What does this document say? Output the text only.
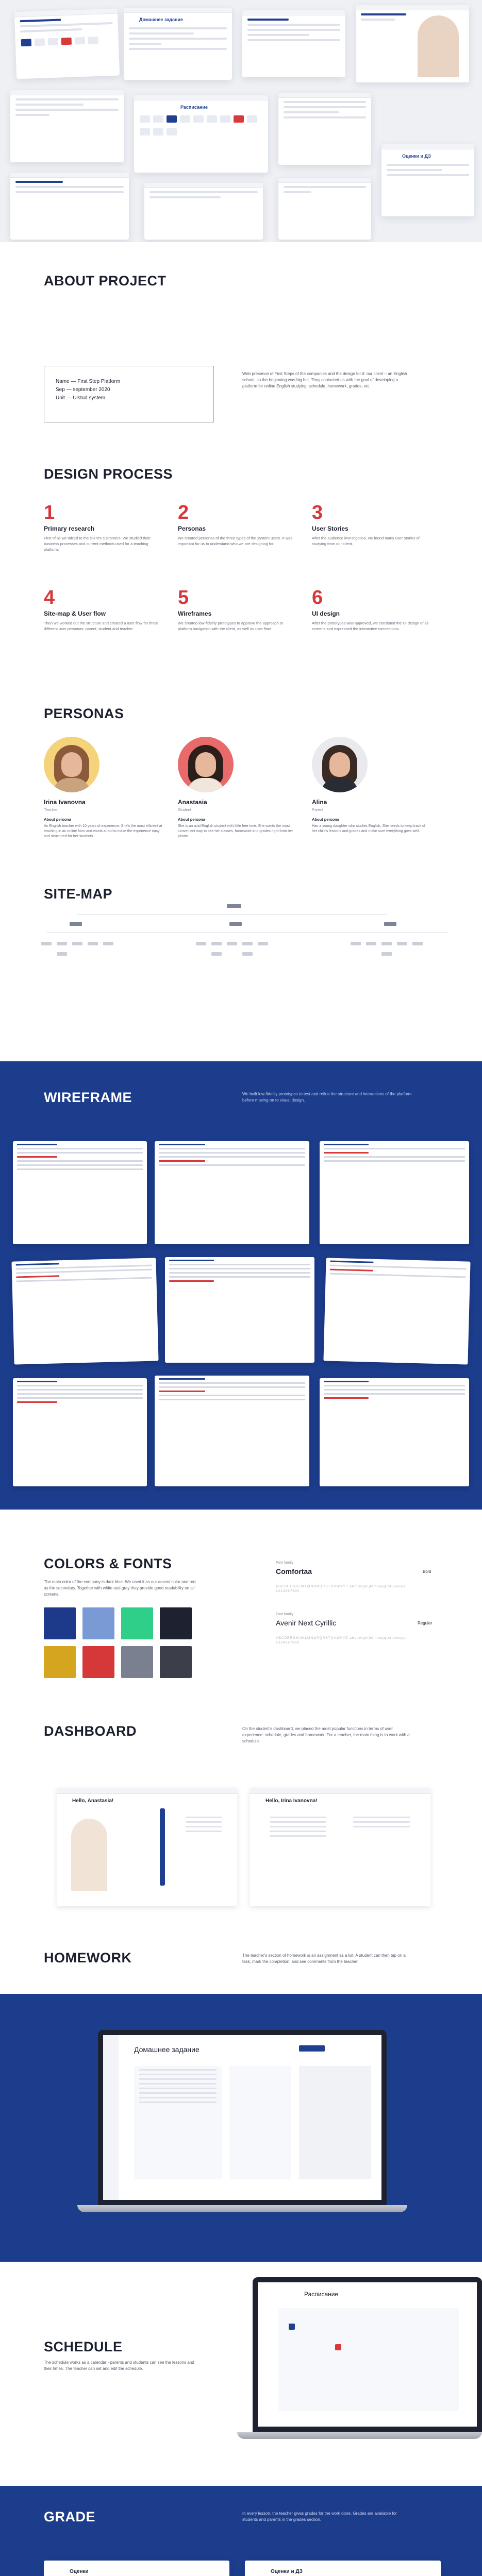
Домашнее задание
Расписание
Оценки и ДЗ
ABOUT PROJECT
Name — First Step Platform
Sep — september 2020
Unit — Ulstud system
Web presence of First Steps of the companies and the design for it: our client – an English school, so the beginning was big but. They contacted us with the goal of developing a platform for online English studying: schedule, homework, grades, etc.
DESIGN PROCESS
1
Primary research
First of all we talked to the client's customers. We studied their business processes and current methods used for a teaching platform.
2
Personas
We created personas of the three types of the system users. It was important for us to understand who we are designing for.
3
User Stories
After the audience investigation, we found many user stories of studying from our client.
4
Site-map & User flow
Then we worked out the structure and created a user flow for three different user personas: parent, student and teacher.
5
Wireframes
We created low-fidelity prototypes to approve the approach to platform navigation with the client, as well as user flow.
6
UI design
After the prototypes was approved, we consisted the UI design of all screens and expressed the interactive connections.
PERSONAS
Irina Ivanovna
Teacher
About persona
An English teacher with 10 years of experience. She's the most efficient at teaching in an online form and wants a tool to make the experience easy and structured for her students.
Anastasia
Student
About persona
She is an avid English student with little free time. She wants the most convenient way to see her classes, homework and grades right from her phone.
Alina
Parent
About persona
Has a young daughter who studies English. She needs to keep track of her child's lessons and grades and make sure everything goes well.
SITE-MAP
WIREFRAME	We built low-fidelity prototypes to test and refine the structure and interactions of the platform before moving on to visual design.
COLORS & FONTS
The main color of the company is dark blue. We used it as our accent color and red as the secondary. Together with white and grey they provide good readability on all screens.
Font family
Comfortaa	Bold
ABCDEFGHIJKLMNOPQRSTUVWXYZ abcdefghijklmnopqrstuvwxyz 1234567890
Font family
Avenir Next Cyrillic	Regular
ABCDEFGHIJKLMNOPQRSTUVWXYZ abcdefghijklmnopqrstuvwxyz 1234567890
DASHBOARD	On the student's dashboard, we placed the most popular functions in terms of user experience: schedule, grades and homework. For a teacher, the main thing is to work with a schedule.
Hello, Anastasia!	Hello, Irina Ivanovna!
HOMEWORK	The teacher's section of homework is an assignment as a list. A student can then tap on a task, mark the completion, and see comments from the teacher.
Домашнее задание
SCHEDULE
The schedule works as a calendar - parents and students can see the lessons and their times. The teacher can set and edit the schedule.
Расписание
GRADE	In every lesson, the teacher gives grades for the work done. Grades are available for students and parents in the grades section.
Оценки	Оценки и ДЗ
